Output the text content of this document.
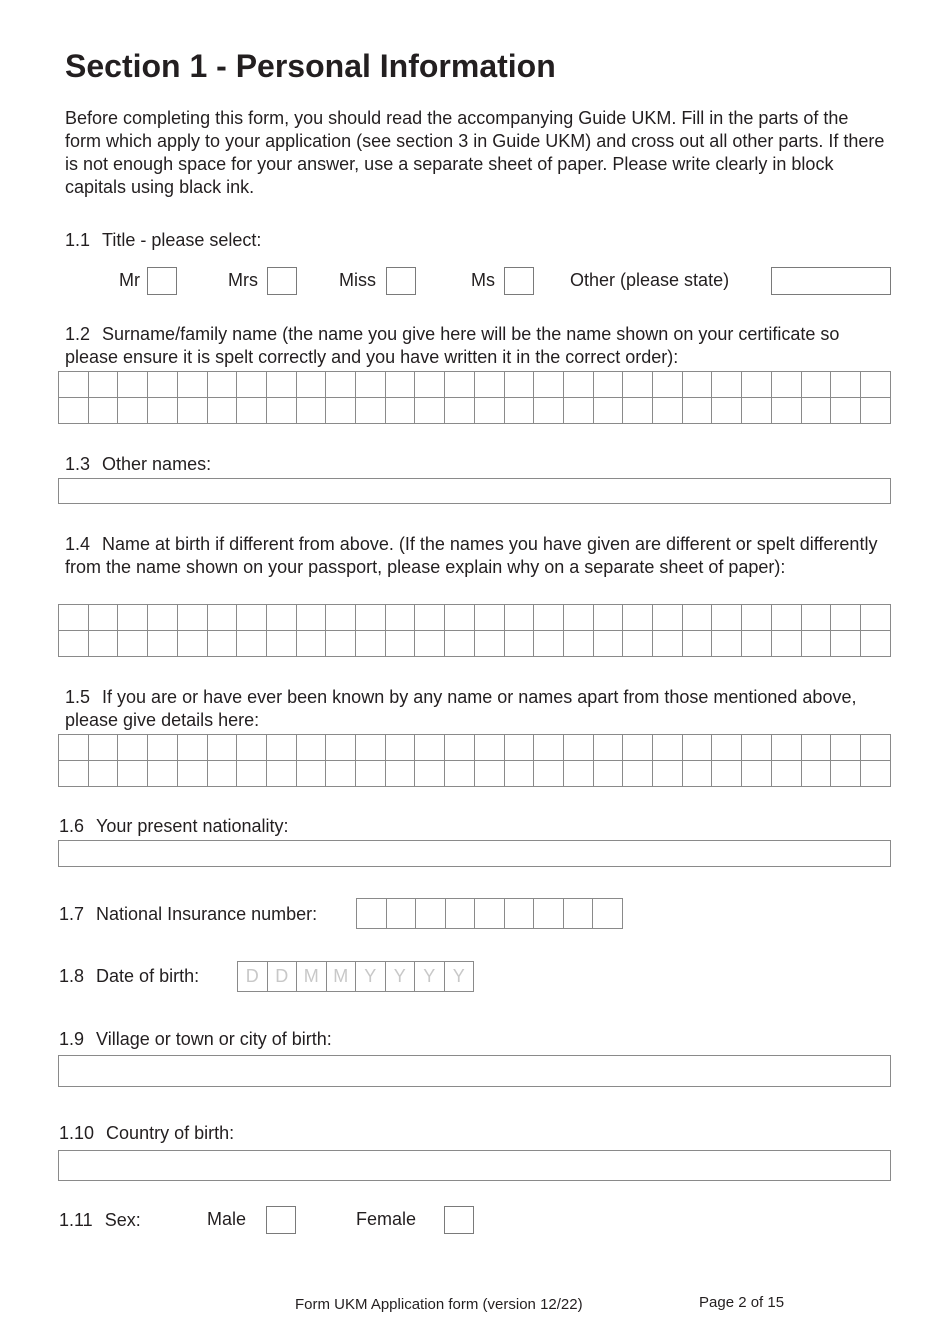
Section 1 - Personal Information
Before completing this form, you should read the accompanying Guide UKM. Fill in the parts of the form which apply to your application (see section 3 in Guide UKM) and cross out all other parts. If there is not enough space for your answer, use a separate sheet of paper. Please write clearly in block capitals using black ink.
1.1 Title - please select:
Mr	Mrs	Miss	Ms	Other (please state)
1.2 Surname/family name (the name you give here will be the name shown on your certificate so please ensure it is spelt correctly and you have written it in the correct order):

1.3 Other names:
1.4 Name at birth if different from above. (If the names you have given are different or spelt differently from the name shown on your passport, please explain why on a separate sheet of paper):

1.5 If you are or have ever been known by any name or names apart from those mentioned above, please give details here:

1.6 Your present nationality:
1.7 National Insurance number:

1.8 Date of birth:	D	D	M	M	Y	Y	Y	Y
1.9 Village or town or city of birth:
1.10 Country of birth:
1.11 Sex:	Male	Female
Form UKM Application form (version 12/22)	Page 2 of 15
